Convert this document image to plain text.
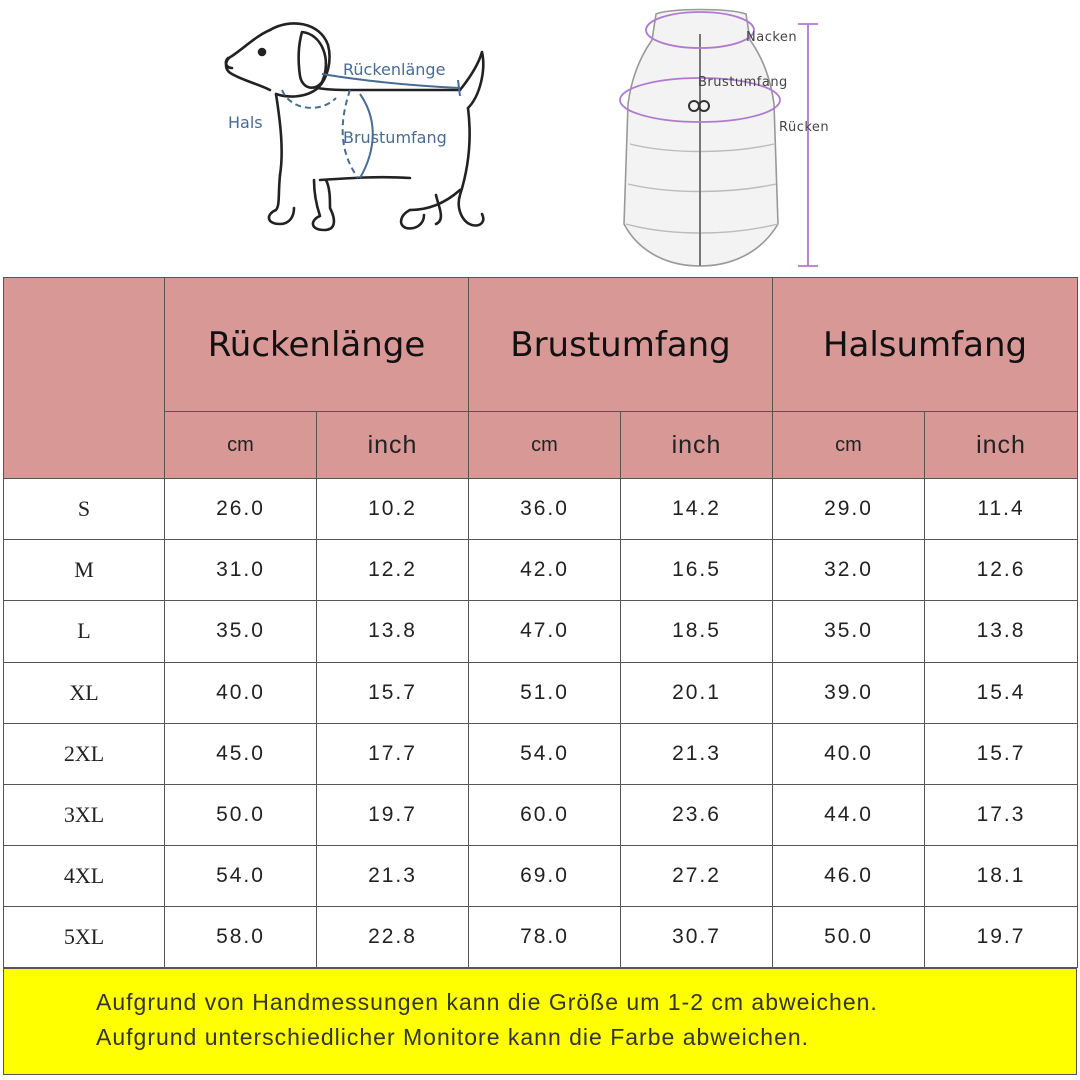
Rückenlänge
Hals
Brustumfang
Nacken
Brustumfang
Rücken
	Rückenlänge		Brustumfang		Halsumfang	
	cm	inch	cm	inch	cm	inch
S	26.0	10.2	36.0	14.2	29.0	11.4
M	31.0	12.2	42.0	16.5	32.0	12.6
L	35.0	13.8	47.0	18.5	35.0	13.8
XL	40.0	15.7	51.0	20.1	39.0	15.4
2XL	45.0	17.7	54.0	21.3	40.0	15.7
3XL	50.0	19.7	60.0	23.6	44.0	17.3
4XL	54.0	21.3	69.0	27.2	46.0	18.1
5XL	58.0	22.8	78.0	30.7	50.0	19.7
Aufgrund von Handmessungen kann die Größe um 1-2 cm abweichen.
Aufgrund unterschiedlicher Monitore kann die Farbe abweichen.
